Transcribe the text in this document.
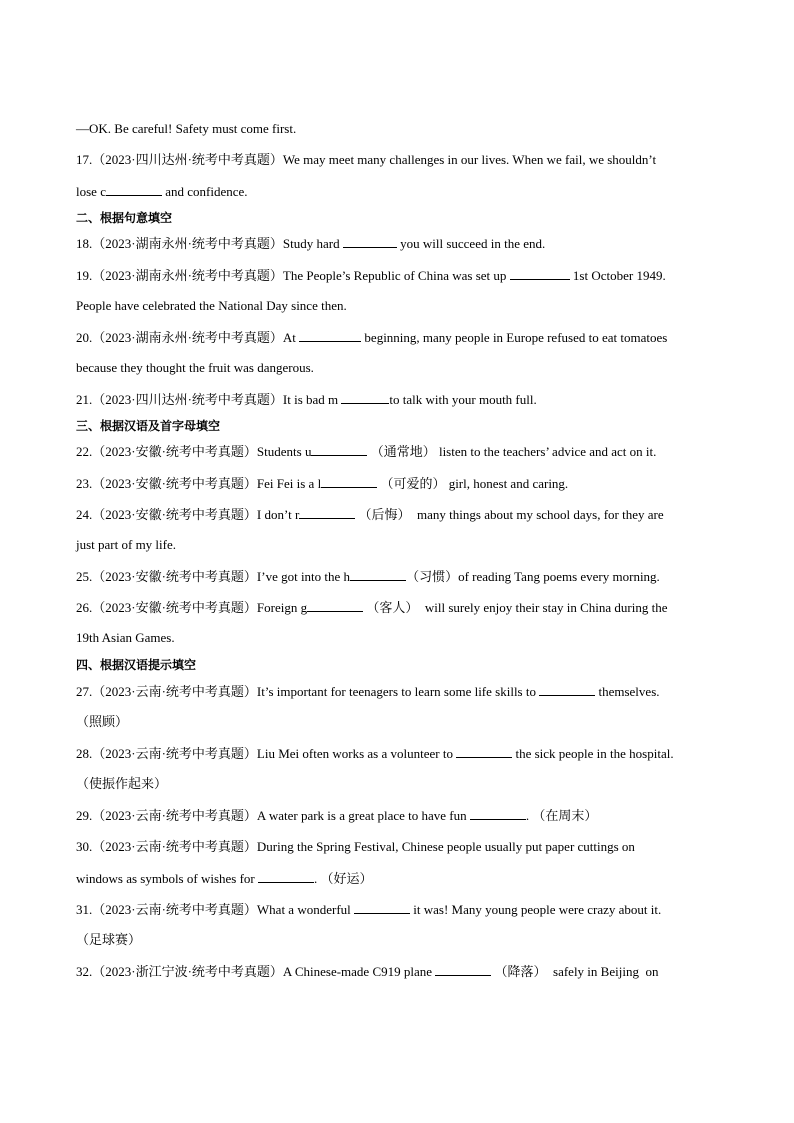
—OK. Be careful! Safety must come first.
17.（2023·四川达州·统考中考真题）We may meet many challenges in our lives. When we fail, we shouldn’t
lose c	and confidence.
二、根据句意填空
18.（2023·湖南永州·统考中考真题）Study hard	you will succeed in the end.
19.（2023·湖南永州·统考中考真题）The People’s Republic of China was set up	1st October 1949.
People have celebrated the National Day since then.
20.（2023·湖南永州·统考中考真题）At	beginning, many people in Europe refused to eat tomatoes
because they thought the fruit was dangerous.
21.（2023·四川达州·统考中考真题）It is bad m	to talk with your mouth full.
三、根据汉语及首字母填空
22.（2023·安徽·统考中考真题）Students u	（通常地） listen to the teachers’ advice and act on it.
23.（2023·安徽·统考中考真题）Fei Fei is a l	（可爱的） girl, honest and caring.
24.（2023·安徽·统考中考真题）I don’t r	（后悔）  many things about my school days, for they are
just part of my life.
25.（2023·安徽·统考中考真题）I’ve got into the h	（习惯）of reading Tang poems every morning.
26.（2023·安徽·统考中考真题）Foreign g	（客人）  will surely enjoy their stay in China during the
19th Asian Games.
四、根据汉语提示填空
27.（2023·云南·统考中考真题）It’s important for teenagers to learn some life skills to	themselves.
（照顾）
28.（2023·云南·统考中考真题）Liu Mei often works as a volunteer to	the sick people in the hospital.
（使振作起来）
29.（2023·云南·统考中考真题）A water park is a great place to have fun	. （在周末）
30.（2023·云南·统考中考真题）During the Spring Festival, Chinese people usually put paper cuttings on
windows as symbols of wishes for	. （好运）
31.（2023·云南·统考中考真题）What a wonderful	it was! Many young people were crazy about it.
（足球赛）
32.（2023·浙江宁波·统考中考真题）A Chinese-made C919 plane	（降落）  safely in Beijing  on
